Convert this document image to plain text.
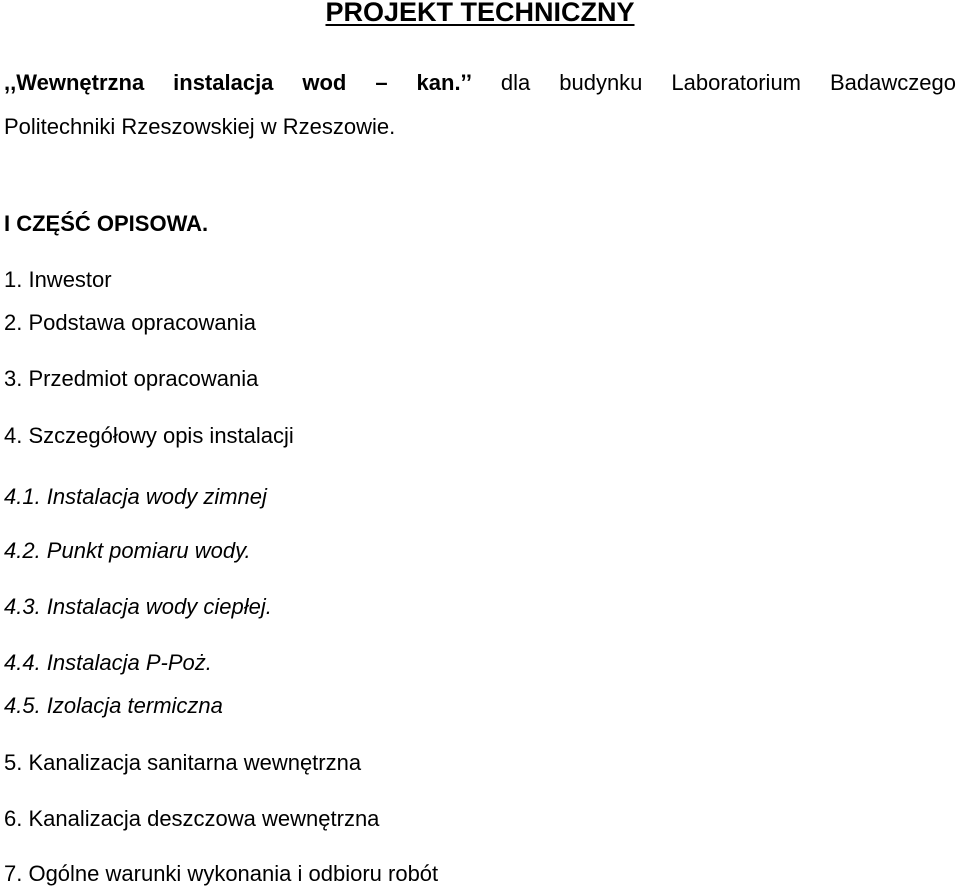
PROJEKT TECHNICZNY
,,Wewnętrzna instalacja wod – kan.’’ dla budynku Laboratorium Badawczego
Politechniki Rzeszowskiej w Rzeszowie.
I CZĘŚĆ OPISOWA.
1. Inwestor
2. Podstawa opracowania
3. Przedmiot opracowania
4. Szczegółowy opis instalacji
4.1. Instalacja wody zimnej
4.2. Punkt pomiaru wody.
4.3. Instalacja wody ciepłej.
4.4. Instalacja P-Poż.
4.5. Izolacja termiczna
5. Kanalizacja sanitarna wewnętrzna
6. Kanalizacja deszczowa wewnętrzna
7. Ogólne warunki wykonania i odbioru robót
